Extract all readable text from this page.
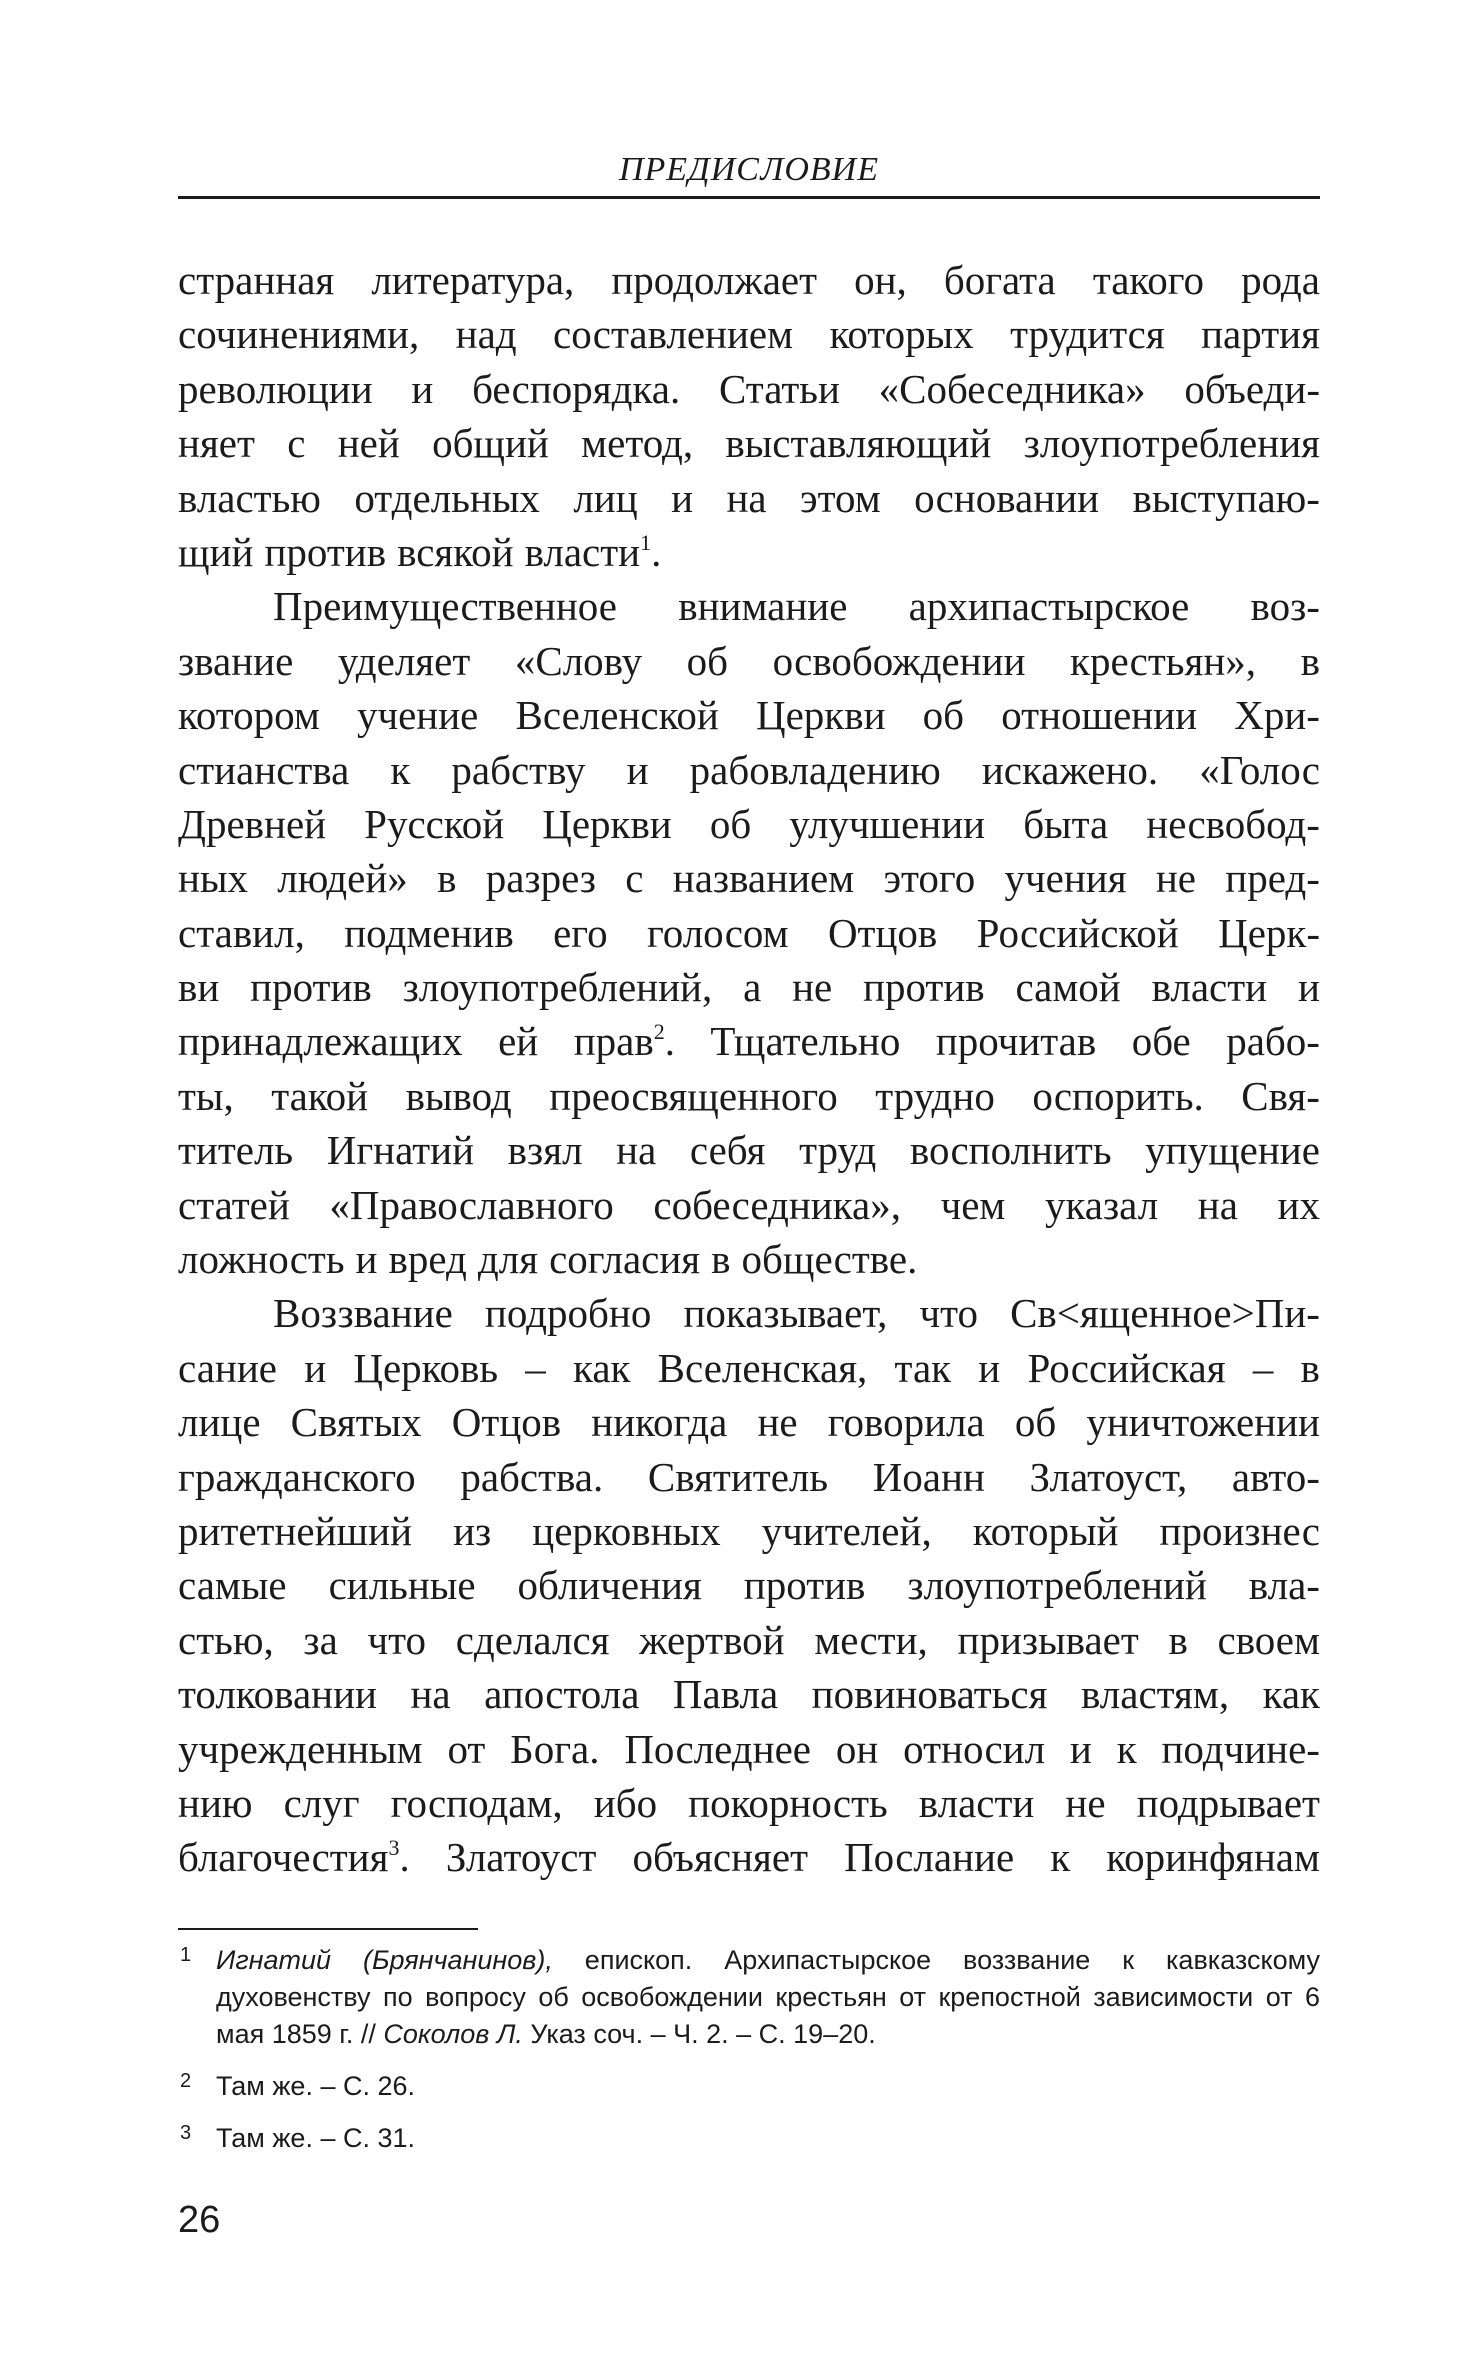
ПРЕДИСЛОВИЕ
странная литература, продолжает он, богата такого рода
сочинениями, над составлением которых трудится партия
революции и беспорядка. Статьи «Собеседника» объеди-
няет с ней общий метод, выставляющий злоупотребления
властью отдельных лиц и на этом основании выступаю-
щий против всякой власти$^1$.
Преимущественное внимание архипастырское воз-
звание уделяет «Слову об освобождении крестьян», в
котором учение Вселенской Церкви об отношении Хри-
стианства к рабству и рабовладению искажено. «Голос
Древней Русской Церкви об улучшении быта несвобод-
ных людей» в разрез с названием этого учения не пред-
ставил, подменив его голосом Отцов Российской Церк-
ви против злоупотреблений, а не против самой власти и
принадлежащих ей прав$^2$. Тщательно прочитав обе рабо-
ты, такой вывод преосвященного трудно оспорить. Свя-
титель Игнатий взял на себя труд восполнить упущение
статей «Православного собеседника», чем указал на их
ложность и вред для согласия в обществе.
Воззвание подробно показывает, что Св<ященное>Пи-
сание и Церковь – как Вселенская, так и Российская – в
лице Святых Отцов никогда не говорила об уничтожении
гражданского рабства. Святитель Иоанн Златоуст, авто-
ритетнейший из церковных учителей, который произнес
самые сильные обличения против злоупотреблений вла-
стью, за что сделался жертвой мести, призывает в своем
толковании на апостола Павла повиноваться властям, как
учрежденным от Бога. Последнее он относил и к подчине-
нию слуг господам, ибо покорность власти не подрывает
благочестия$^3$. Златоуст объясняет Послание к коринфянам
1 Игнатий (Брянчанинов), епископ. Архипастырское воззвание к кавказскому духовенству по вопросу об освобождении крестьян от крепостной зависимости от 6 мая 1859 г. // Соколов Л. Указ соч. – Ч. 2. – С. 19–20.
2 Там же. – С. 26.
3 Там же. – С. 31.
26
